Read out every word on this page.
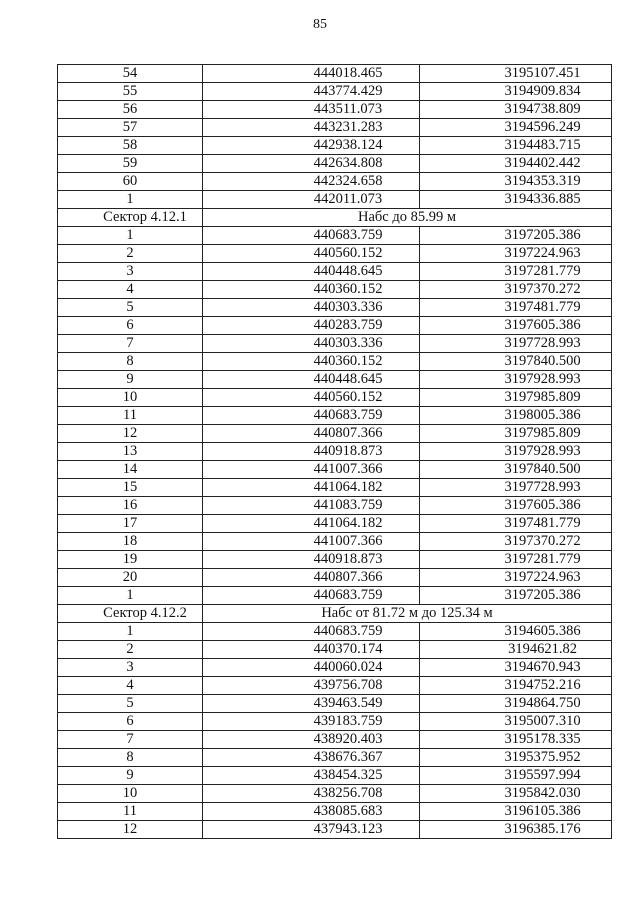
85
54	444018.465	3195107.451
55	443774.429	3194909.834
56	443511.073	3194738.809
57	443231.283	3194596.249
58	442938.124	3194483.715
59	442634.808	3194402.442
60	442324.658	3194353.319
1	442011.073	3194336.885
Сектор 4.12.1	Набс до 85.99 м	
1	440683.759	3197205.386
2	440560.152	3197224.963
3	440448.645	3197281.779
4	440360.152	3197370.272
5	440303.336	3197481.779
6	440283.759	3197605.386
7	440303.336	3197728.993
8	440360.152	3197840.500
9	440448.645	3197928.993
10	440560.152	3197985.809
11	440683.759	3198005.386
12	440807.366	3197985.809
13	440918.873	3197928.993
14	441007.366	3197840.500
15	441064.182	3197728.993
16	441083.759	3197605.386
17	441064.182	3197481.779
18	441007.366	3197370.272
19	440918.873	3197281.779
20	440807.366	3197224.963
1	440683.759	3197205.386
Сектор 4.12.2	Набс от 81.72 м до 125.34 м	
1	440683.759	3194605.386
2	440370.174	3194621.82
3	440060.024	3194670.943
4	439756.708	3194752.216
5	439463.549	3194864.750
6	439183.759	3195007.310
7	438920.403	3195178.335
8	438676.367	3195375.952
9	438454.325	3195597.994
10	438256.708	3195842.030
11	438085.683	3196105.386
12	437943.123	3196385.176
